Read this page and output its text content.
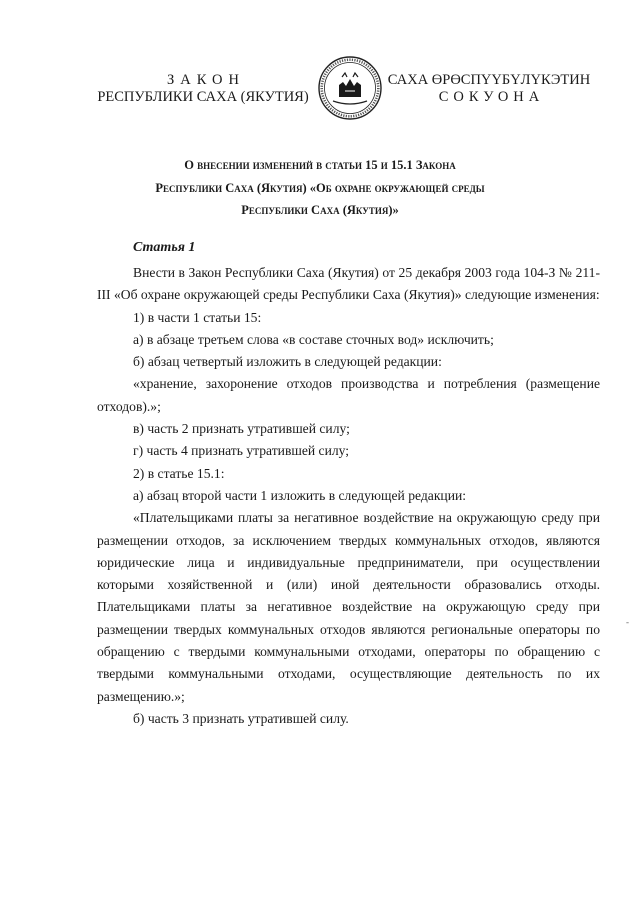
ЗАКОН
РЕСПУБЛИКИ САХА (ЯКУТИЯ)
САХА ӨРӨСПҮҮБҮЛҮКЭТИН
СОКУОНА
О внесении изменений в статьи 15 и 15.1 Закона
Республики Саха (Якутия) «Об охране окружающей среды
Республики Саха (Якутия)»
Статья 1

Внести в Закон Республики Саха (Якутия) от 25 декабря 2003 года 104-З № 211-III «Об охране окружающей среды Республики Саха (Якутия)» следующие изменения:

1) в части 1 статьи 15:

а) в абзаце третьем слова «в составе сточных вод» исключить;

б) абзац четвертый изложить в следующей редакции:

«хранение, захоронение отходов производства и потребления (размещение отходов).»;

в) часть 2 признать утратившей силу;

г) часть 4 признать утратившей силу;

2) в статье 15.1:

а) абзац второй части 1 изложить в следующей редакции:

«Плательщиками платы за негативное воздействие на окружающую среду при размещении отходов, за исключением твердых коммунальных отходов, являются юридические лица и индивидуальные предприниматели, при осуществлении которыми хозяйственной и (или) иной деятельности образовались отходы. Плательщиками платы за негативное воздействие на окружающую среду при размещении твердых коммунальных отходов являются региональные операторы по обращению с твердыми коммунальными отходами, операторы по обращению с твердыми коммунальными отходами, осуществляющие деятельность по их размещению.»;

б) часть 3 признать утратившей силу.

-
